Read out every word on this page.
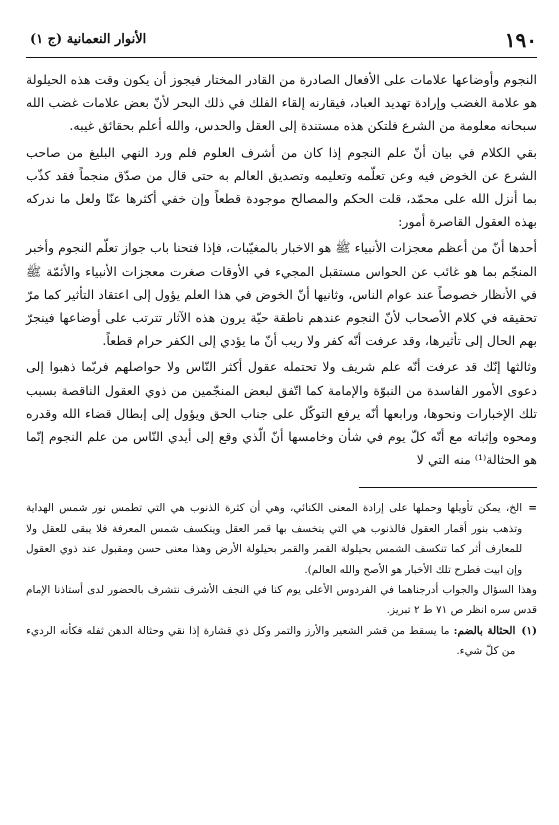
١٩٠
الأنوار النعمانية (ج ١)

النجوم وأوضاعها علامات على الأفعال الصادرة من القادر المختار فيجوز أن يكون وقت هذه الحيلولة هو علامة الغضب وإرادة تهديد العباد، فيقارنه إلقاء الفلك في ذلك البحر لأنّ بعض علامات غضب الله سبحانه معلومة من الشرع فلتكن هذه مستندة إلى العقل والحدس، والله أعلم بحقائق غيبه.

بقي الكلام في بيان أنّ علم النجوم إذا كان من أشرف العلوم فلم ورد النهي البليغ من صاحب الشرع عن الخوض فيه وعن تعلّمه وتعليمه وتصديق العالم به حتى قال من صدّق منجماً فقد كذّب بما أنزل الله على محمّد، قلت الحكم والمصالح موجودة قطعاً وإن خفي أكثرها عنّا ولعل ما ندركه بهذه العقول القاصرة أمور:

أحدها أنّ من أعظم معجزات الأنبياء ﷺ هو الاخبار بالمغيّبات، فإذا فتحنا باب جواز تعلّم النجوم وأخبر المنجّم بما هو غائب عن الحواس مستقبل المجيء في الأوقات صغرت معجزات الأنبياء والأئمّة ﷺ في الأنظار خصوصاً عند عوام الناس، وثانيها أنّ الخوض في هذا العلم يؤول إلى اعتقاد التأثير كما مرّ تحقيقه في كلام الأصحاب لأنّ النجوم عندهم ناطقة حيّة يرون هذه الآثار تترتب على أوضاعها فينجرّ بهم الحال إلى تأثيرها، وقد عرفت أنّه كفر ولا ريب أنّ ما يؤدي إلى الكفر حرام قطعاً.

وثالثها إنّك قد عرفت أنّه علم شريف ولا تحتمله عقول أكثر النّاس ولا حواصلهم فربّما ذهبوا إلى دعوى الأمور الفاسدة من النبوّة والإمامة كما اتّفق لبعض المنجّمين من ذوي العقول الناقصة بسبب تلك الإخبارات ونحوها، ورابعها أنّه يرفع التوكّل على جناب الحق ويؤول إلى إبطال قضاء الله وقدره ومحوه وإثباته مع أنّه كلّ يوم في شأن وخامسها أنّ الّذي وقع إلى أيدي النّاس من علم النجوم إنّما هو الحثالة⁽¹⁾ منه التي لا

=

الخ، يمكن تأويلها وحملها على إرادة المعنى الكنائي، وهي أن كثرة الذنوب هي التي تطمس نور شمس الهداية وتذهب بنور أقمار العقول فالذنوب هي التي ينخسف بها قمر العقل وينكسف شمس المعرفة فلا يبقى للعقل ولا للمعارف أثر كما تنكسف الشمس بحيلولة القمر والقمر بحيلولة الأرض وهذا معنى حسن ومقبول عند ذوي العقول وإن ابيت فطرح تلك الأخبار هو الأصح والله العالم).

وهذا السؤال والجواب أدرجناهما في الفردوس الأعلى يوم كنا في النجف الأشرف نتشرف بالحضور لدى أستاذنا الإمام قدس سره انظر ص ٧١ ط ٢ تبريز.

(١)

الحثالة بالضم: ما يسقط من قشر الشعير والأرز والتمر وكل ذي قشارة إذا نقي وحثالة الدهن ثفله فكأنه الرديء من كلّ شيء.
